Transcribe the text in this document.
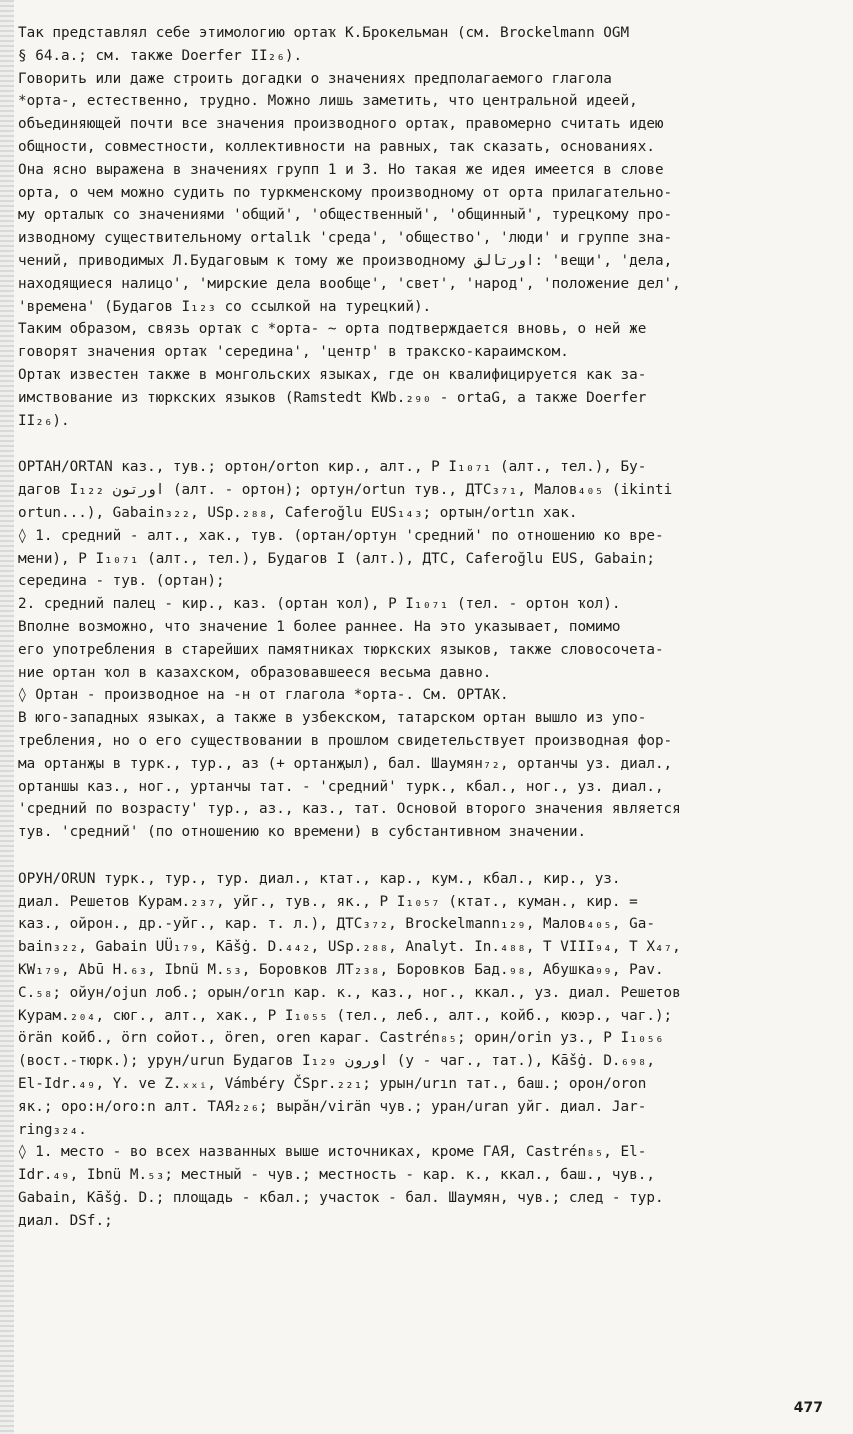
Так представлял себе этимологию ортаҡ К.Брокельман (см. Brockelmann OGM
§ 64.a.; см. также Doerfer II₂₆).
Говорить или даже строить догадки о значениях предполагаемого глагола
*орта-, естественно, трудно. Можно лишь заметить, что центральной идеей,
объединяющей почти все значения производного ортаҡ, правомерно считать идею
общности, совместности, коллективности на равных, так сказать, основаниях.
Она ясно выражена в значениях групп 1 и 3. Но такая же идея имеется в слове
орта, о чем можно судить по туркменскому производному от орта прилагательно-
му орталыҡ со значениями 'общий', 'общественный', 'общинный', турецкому про-
изводному существительному ortalık 'среда', 'общество', 'люди' и группе зна-
чений, приводимых Л.Будаговым к тому же производному اورتالق: 'вещи', 'дела,
находящиеся налицо', 'мирские дела вообще', 'свет', 'народ', 'положение дел',
'времена' (Будагов I₁₂₃ со ссылкой на турецкий).
Таким образом, связь ортаҡ с *орта- ~ орта подтверждается вновь, о ней же
говорят значения ортаҡ 'середина', 'центр' в тракско-караимском.
Ортаҡ известен также в монгольских языках, где он квалифицируется как за-
имствование из тюркских языков (Ramstedt KWb.₂₉₀ - ortaG, а также Doerfer
II₂₆).
ОРТАН/ORTAN каз., тув.; ортон/orton кир., алт., Р I₁₀₇₁ (алт., тел.), Бу-
дагов I₁₂₂ اورتون (алт. - ортон); ортун/ortun тув., ДТС₃₇₁, Малов₄₀₅ (ikinti
ortun...), Gabain₃₂₂, USp.₂₈₈, Caferoğlu EUS₁₄₃; ортын/ortın хак.
◊ 1. средний - алт., хак., тув. (ортан/ортун 'средний' по отношению ко вре-
мени), Р I₁₀₇₁ (алт., тел.), Будагов I (алт.), ДТС, Caferoğlu EUS, Gabain;
середина - тув. (ортан);
2. средний палец - кир., каз. (ортан ҡол), Р I₁₀₇₁ (тел. - ортон ҡол).
Вполне возможно, что значение 1 более раннее. На это указывает, помимо
его употребления в старейших памятниках тюркских языков, также словосочета-
ние ортан ҡол в казахском, образовавшееся весьма давно.
◊ Ортан - производное на -н от глагола *орта-. См. ОРТАҠ.
В юго-западных языках, а также в узбекском, татарском ортан вышло из упо-
требления, но о его существовании в прошлом свидетельствует производная фор-
ма ортанҗы в турк., тур., аз (+ ортанҗыл), бал. Шаумян₇₂, ортанчы уз. диал.,
ортаншы каз., ног., уртанчы тат. - 'средний' турк., кбал., ног., уз. диал.,
'средний по возрасту' тур., аз., каз., тат. Основой второго значения является
тув. 'средний' (по отношению ко времени) в субстантивном значении.
ОРУН/ORUN турк., тур., тур. диал., ктат., кар., кум., кбал., кир., уз.
диал. Решетов Курам.₂₃₇, уйг., тув., як., Р I₁₀₅₇ (ктат., куман., кир. =
каз., ойрон., др.-уйг., кар. т. л.), ДТС₃₇₂, Brockelmann₁₂₉, Малов₄₀₅, Ga-
bain₃₂₂, Gabain UÜ₁₇₉, Kāšġ. D.₄₄₂, USp.₂₈₈, Analyt. In.₄₈₈, T VIII₉₄, T X₄₇,
KW₁₇₉, Abū H.₆₃, Ibnü M.₅₃, Боровков ЛТ₂₃₈, Боровков Бад.₉₈, Абушка₉₉, Pav.
C.₅₈; ойун/ojun лоб.; орын/orın кар. к., каз., ног., ккал., уз. диал. Решетов
Курам.₂₀₄, сюг., алт., хак., Р I₁₀₅₅ (тел., леб., алт., койб., кюэр., чаг.);
örän койб., örn сойот., ören, oren караг. Castrén₈₅; орин/orin уз., Р I₁₀₅₆
(вост.-тюрк.); урун/urun Будагов I₁₂₉ اورون (у - чаг., тат.), Kāšġ. D.₆₉₈,
El-Idr.₄₉, Y. ve Z.ₓₓᵢ, Vámbéry ČSpr.₂₂₁; урын/urın тат., баш.; орон/oron
як.; оро:н/oro:n алт. ТАЯ₂₂₆; вырӑн/virän чув.; уран/uran уйг. диал. Jar-
ring₃₂₄.
◊ 1. место - во всех названных выше источниках, кроме ГАЯ, Castrén₈₅, El-
Idr.₄₉, Ibnü M.₅₃; местный - чув.; местность - кар. к., ккал., баш., чув.,
Gabain, Kāšġ. D.; площадь - кбал.; участок - бал. Шаумян, чув.; след - тур.
диал. DSf.;
477
